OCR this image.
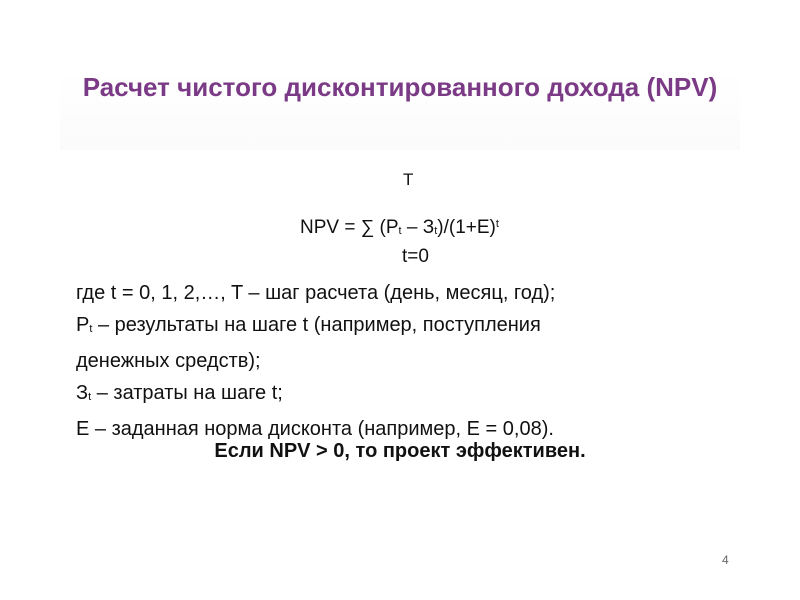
Расчет чистого дисконтированного дохода (NPV)
T
NPV = ∑ $(P_t - З_t)/(1+E)^t$
t=0
где t = 0, 1, 2,…, T – шаг расчета (день, месяц, год);
$P_t$ – результаты на шаге t (например, поступления
денежных средств);
$З_t$ – затраты на шаге t;
E – заданная норма дисконта (например, E = 0,08).
Если NPV > 0, то проект эффективен.
4
